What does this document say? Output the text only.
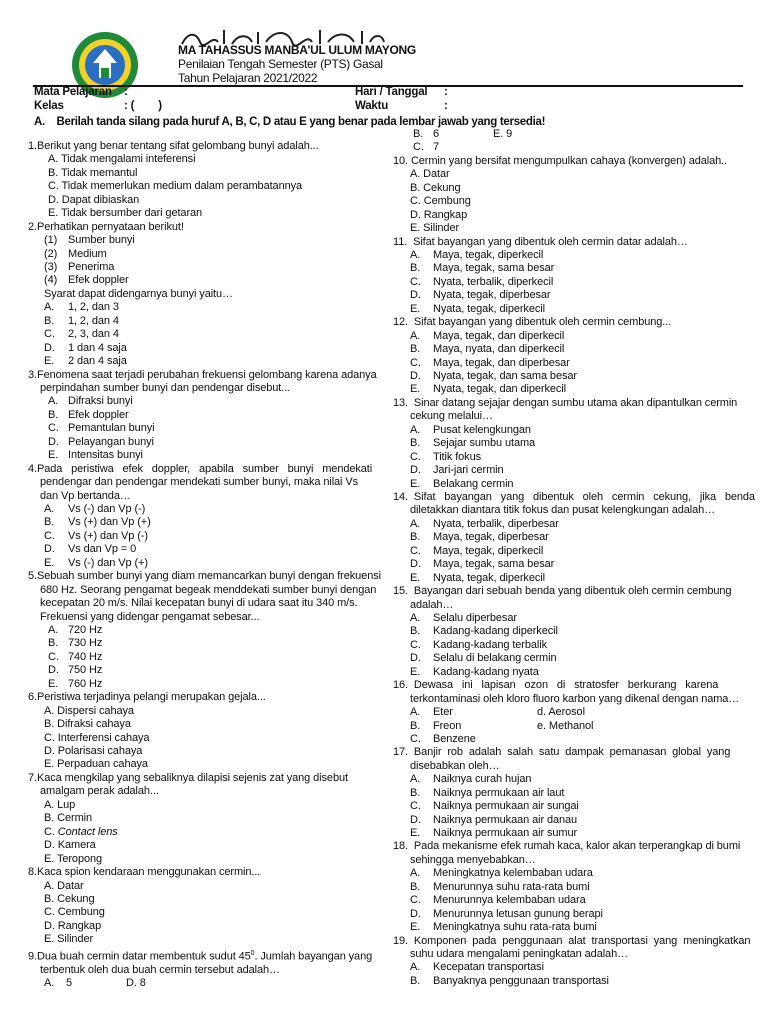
MA TAHASSUS MANBA'UL ULUM MAYONG
Penilaian Tengah Semester (PTS) Gasal
Tahun Pelajaran 2021/2022
Mata Pelajaran :
Kelas	: (        )
Hari / Tanggal :
Waktu	:
A.    Berilah tanda silang pada huruf A, B, C, D atau E yang benar pada lembar jawab yang tersedia!
1.Berikut yang benar tentang sifat gelombang bunyi adalah...
A. Tidak mengalami inteferensi
B. Tidak memantul
C. Tidak memerlukan medium dalam perambatannya
D. Dapat dibiaskan
E. Tidak bersumber dari getaran
2.Perhatikan pernyataan berikut!
(1) Sumber bunyi
(2) Medium
(3) Penerima
(4) Efek doppler
Syarat dapat didengarnya bunyi yaitu…
A. 1, 2, dan 3
B. 1, 2, dan 4
C. 2, 3, dan 4
D. 1 dan 4 saja
E. 2 dan 4 saja
3.Fenomena saat terjadi perubahan frekuensi gelombang karena adanya
perpindahan sumber bunyi dan pendengar disebut...
A. Difraksi bunyi
B. Efek doppler
C. Pemantulan bunyi
D. Pelayangan bunyi
E. Intensitas bunyi
4.Pada   peristiwa   efek   doppler,   apabila   sumber   bunyi   mendekati
pendengar dan pendengar mendekati sumber bunyi, maka nilai Vs
dan Vp bertanda…
A. Vs (-) dan Vp (-)
B. Vs (+) dan Vp (+)
C. Vs (+) dan Vp (-)
D. Vs dan Vp = 0
E. Vs (-) dan Vp (+)
5.Sebuah sumber bunyi yang diam memancarkan bunyi dengan frekuensi
680 Hz. Seorang pengamat begeak menddekati sumber bunyi dengan
kecepatan 20 m/s. Nilai kecepatan bunyi di udara saat itu 340 m/s.
Frekuensi yang didengar pengamat sebesar...
A. 720 Hz
B. 730 Hz
C. 740 Hz
D. 750 Hz
E. 760 Hz
6.Peristiwa terjadinya pelangi merupakan gejala...
A. Dispersi cahaya
B. Difraksi cahaya
C. Interferensi cahaya
D. Polarisasi cahaya
E. Perpaduan cahaya
7.Kaca mengkilap yang sebaliknya dilapisi sejenis zat yang disebut
amalgam perak adalah...
A. Lup
B. Cermin
C. Contact lens
D. Kamera
E. Teropong
8.Kaca spion kendaraan menggunakan cermin...
A. Datar
B. Cekung
C. Cembung
D. Rangkap
E. Silinder
9.Dua buah cermin datar membentuk sudut $45^0$. Jumlah bayangan yang
terbentuk oleh dua buah cermin tersebut adalah…
A. 5	D. 8
B. 6	E. 9
C. 7
10. Cermin yang bersifat mengumpulkan cahaya (konvergen) adalah..
A. Datar
B. Cekung
C. Cembung
D. Rangkap
E. Silinder
11.  Sifat bayangan yang dibentuk oleh cermin datar adalah…
A. Maya, tegak, diperkecil
B. Maya, tegak, sama besar
C. Nyata, terbalik, diperkecil
D. Nyata, tegak, diperbesar
E. Nyata, tegak, diperkecil
12.  Sifat bayangan yang dibentuk oleh cermin cembung...
A. Maya, tegak, dan diperkecil
B. Maya, nyata, dan diperkecil
C. Maya, tegak, dan diperbesar
D. Nyata, tegak, dan sama besar
E. Nyata, tegak, dan diperkecil
13.  Sinar datang sejajar dengan sumbu utama akan dipantulkan cermin
cekung melalui…
A. Pusat kelengkungan
B. Sejajar sumbu utama
C. Titik fokus
D. Jari-jari cermin
E. Belakang cermin
14.  Sifat   bayangan   yang   dibentuk   oleh   cermin   cekung,   jika   benda
diletakkan diantara titik fokus dan pusat kelengkungan adalah…
A. Nyata, terbalik, diperbesar
B. Maya, tegak, diperbesar
C. Maya, tegak, diperkecil
D. Maya, tegak, sama besar
E. Nyata, tegak, diperkecil
15.  Bayangan dari sebuah benda yang dibentuk oleh cermin cembung
adalah…
A. Selalu diperbesar
B. Kadang-kadang diperkecil
C. Kadang-kadang terbalik
D. Selalu di belakang cermin
E. Kadang-kadang nyata
16.  Dewasa   ini   lapisan   ozon   di   stratosfer   berkurang   karena
terkontaminasi oleh kloro fluoro karbon yang dikenal dengan nama…
A. Eter	d. Aerosol
B. Freon	e. Methanol
C. Benzene
17.  Banjir  rob  adalah  salah  satu  dampak  pemanasan  global  yang
disebabkan oleh…
A. Naiknya curah hujan
B. Naiknya permukaan air laut
C. Naiknya permukaan air sungai
D. Naiknya permukaan air danau
E. Naiknya permukaan air sumur
18.  Pada mekanisme efek rumah kaca, kalor akan terperangkap di bumi
sehingga menyebabkan…
A. Meningkatnya kelembaban udara
B. Menurunnya suhu rata-rata bumi
C. Menurunnya kelembaban udara
D. Menurunnya letusan gunung berapi
E. Meningkatnya suhu rata-rata bumi
19.  Komponen  pada  penggunaan  alat  transportasi  yang  meningkatkan
suhu udara mengalami peningkatan adalah…
A. Kecepatan transportasi
B. Banyaknya penggunaan transportasi
